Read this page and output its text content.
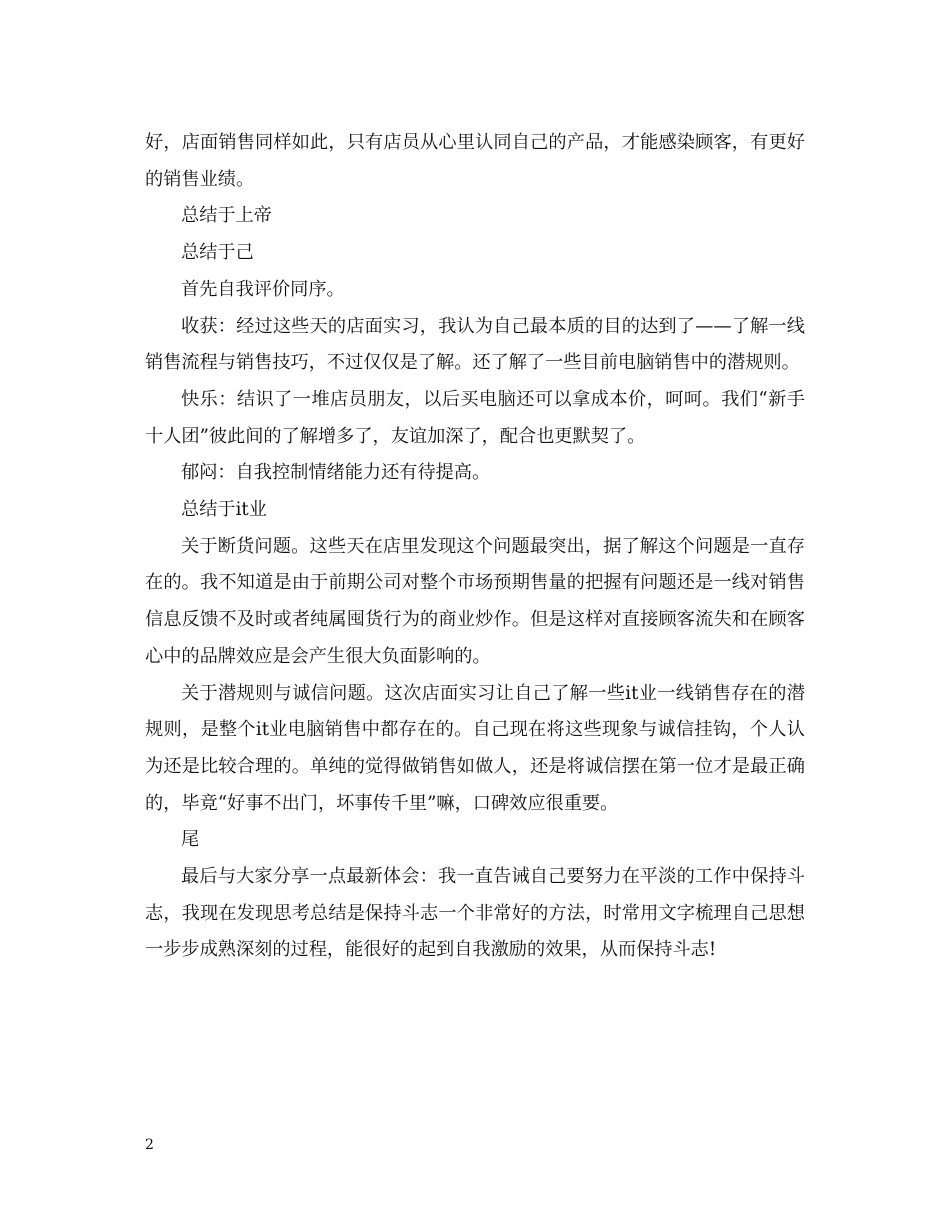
好，店面销售同样如此，只有店员从心里认同自己的产品，才能感染顾客，有更好的销售业绩。

总结于上帝

总结于己

首先自我评价同序。

收获：经过这些天的店面实习，我认为自己最本质的目的达到了——了解一线销售流程与销售技巧，不过仅仅是了解。还了解了一些目前电脑销售中的潜规则。

快乐：结识了一堆店员朋友，以后买电脑还可以拿成本价，呵呵。我们“新手十人团”彼此间的了解增多了，友谊加深了，配合也更默契了。

郁闷：自我控制情绪能力还有待提高。

总结于it业

关于断货问题。这些天在店里发现这个问题最突出，据了解这个问题是一直存在的。我不知道是由于前期公司对整个市场预期售量的把握有问题还是一线对销售信息反馈不及时或者纯属囤货行为的商业炒作。但是这样对直接顾客流失和在顾客心中的品牌效应是会产生很大负面影响的。

关于潜规则与诚信问题。这次店面实习让自己了解一些it业一线销售存在的潜规则，是整个it业电脑销售中都存在的。自己现在将这些现象与诚信挂钩，个人认为还是比较合理的。单纯的觉得做销售如做人，还是将诚信摆在第一位才是最正确的，毕竟“好事不出门，坏事传千里”嘛，口碑效应很重要。

尾

最后与大家分享一点最新体会：我一直告诫自己要努力在平淡的工作中保持斗志，我现在发现思考总结是保持斗志一个非常好的方法，时常用文字梳理自己思想一步步成熟深刻的过程，能很好的起到自我激励的效果，从而保持斗志!

2
